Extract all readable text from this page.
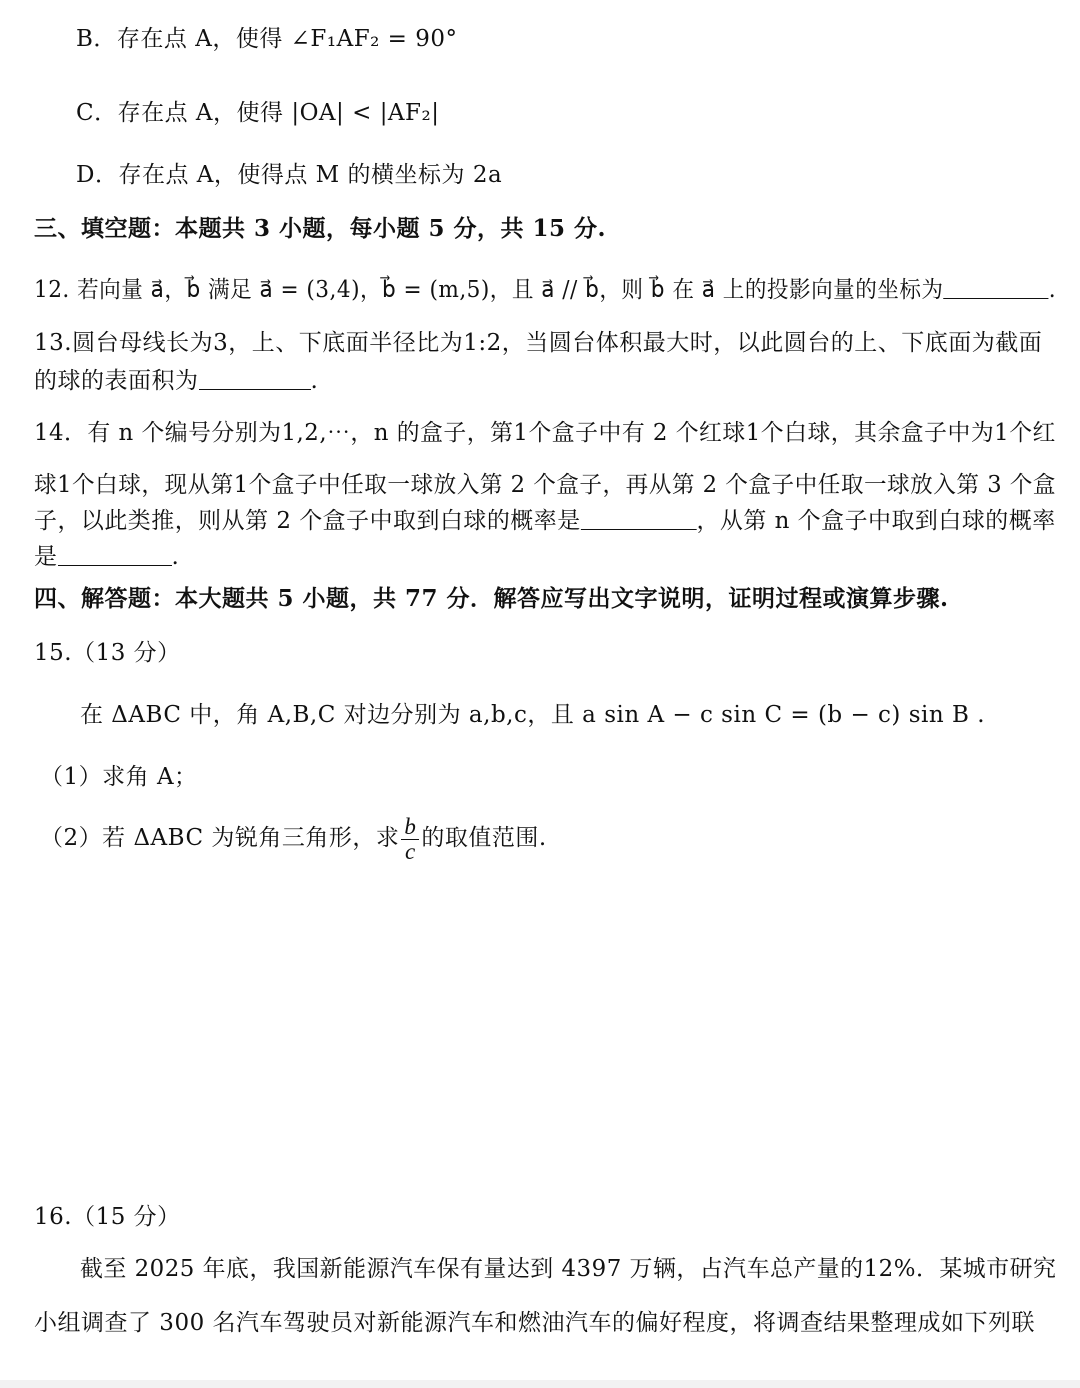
B．存在点 A，使得 ∠F₁AF₂ = 90°
C．存在点 A，使得 |OA| < |AF₂|
D．存在点 A，使得点 M 的横坐标为 2a
三、填空题：本题共 3 小题，每小题 5 分，共 15 分.
12. 若向量 a⃗，b⃗ 满足 a⃗ = (3,4)，b⃗ = (m,5)，且 a⃗ // b⃗，则 b⃗ 在 a⃗ 上的投影向量的坐标为	.
13.圆台母线长为3，上、下底面半径比为1:2，当圆台体积最大时，以此圆台的上、下底面为截面
的球的表面积为	.
14．有 n 个编号分别为1,2,⋯，n 的盒子，第1个盒子中有 2 个红球1个白球，其余盒子中为1个红
球1个白球，现从第1个盒子中任取一球放入第 2 个盒子，再从第 2 个盒子中任取一球放入第 3 个盒
子，以此类推，则从第 2 个盒子中取到白球的概率是	，从第 n 个盒子中取到白球的概率
是	.
四、解答题：本大题共 5 小题，共 77 分．解答应写出文字说明，证明过程或演算步骤.
15.（13 分）
在 ΔABC 中，角 A,B,C 对边分别为 a,b,c，且 a sin A − c sin C = (b − c) sin B .
（1）求角 A；
（2）若 ΔABC 为锐角三角形，求 $\frac{b}{c}$ 的取值范围.
16.（15 分）
截至 2025 年底，我国新能源汽车保有量达到 4397 万辆，占汽车总产量的12%．某城市研究
小组调查了 300 名汽车驾驶员对新能源汽车和燃油汽车的偏好程度，将调查结果整理成如下列联
